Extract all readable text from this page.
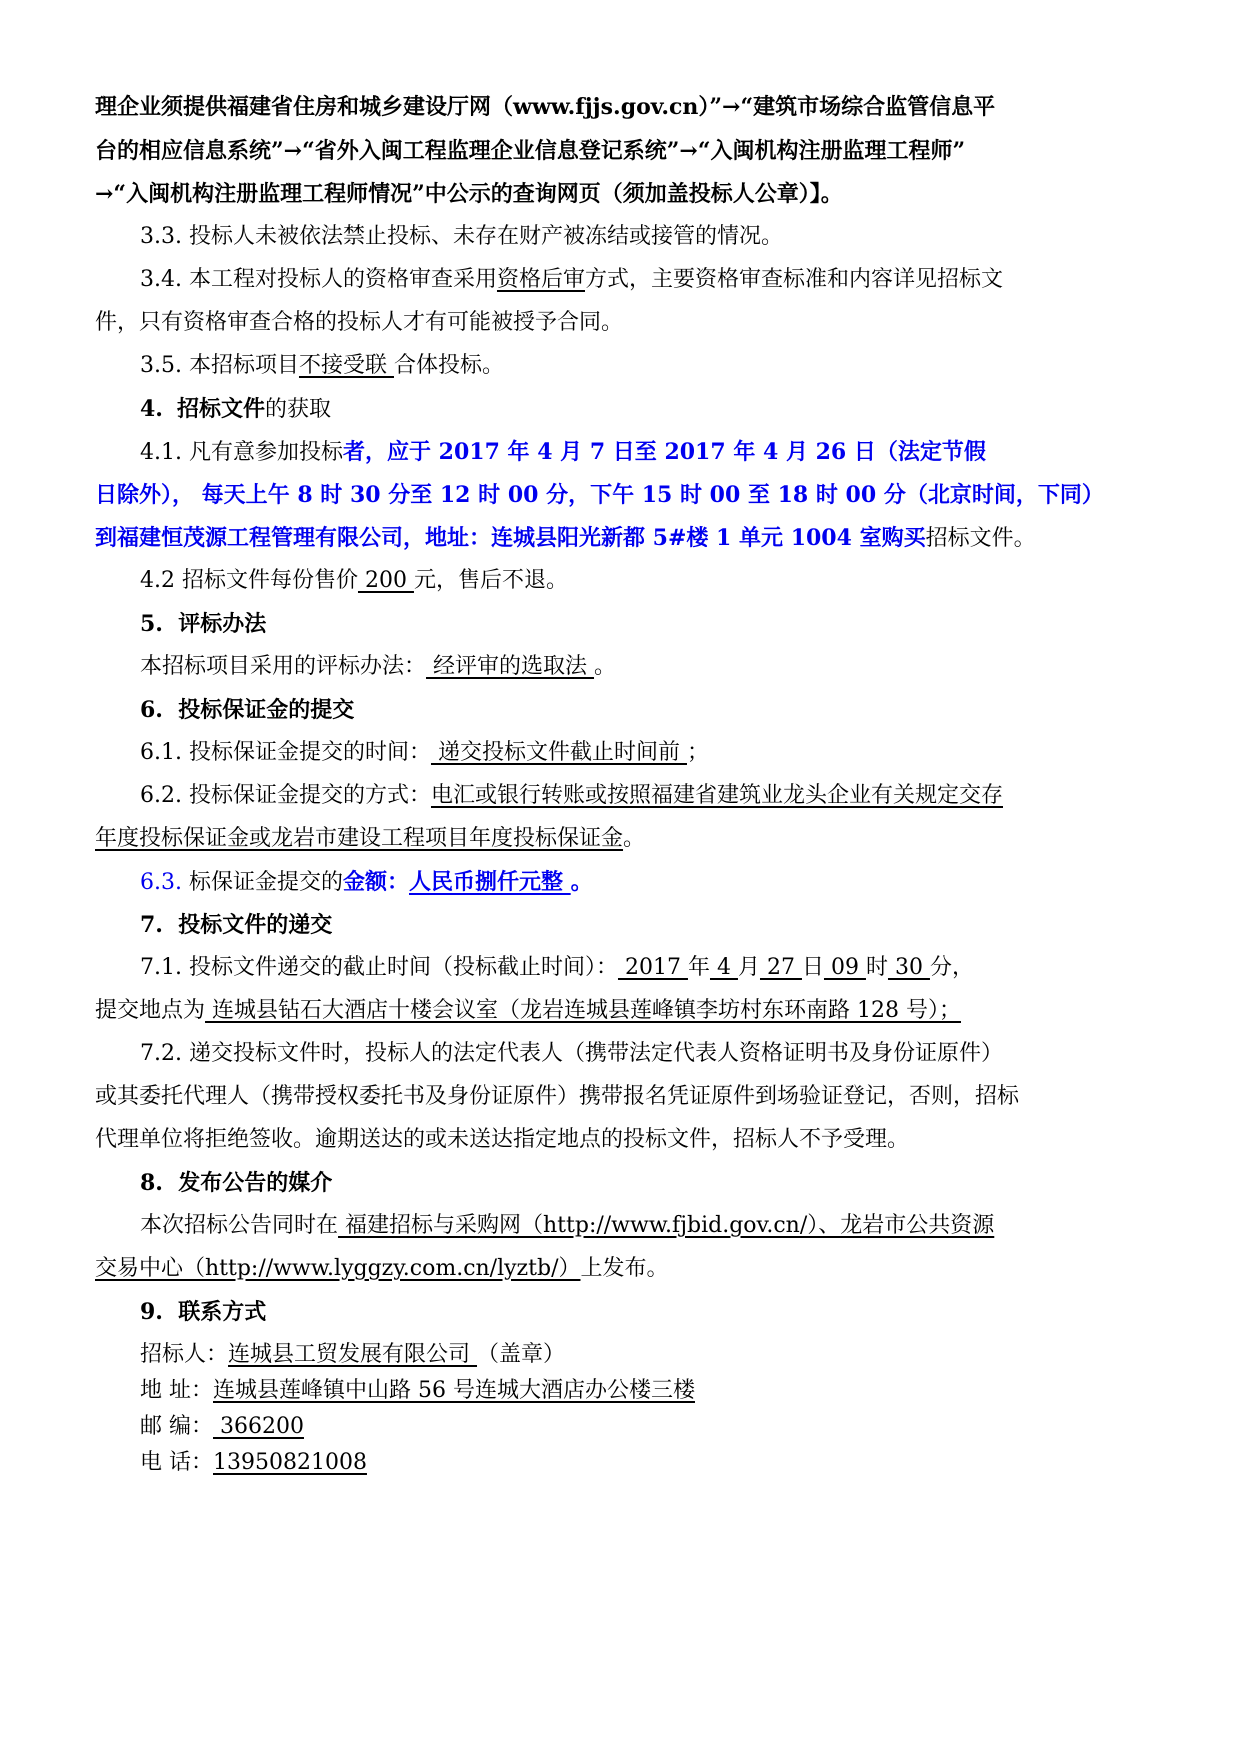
理企业须提供福建省住房和城乡建设厅网（www.fjjs.gov.cn）”→“建筑市场综合监管信息平
台的相应信息系统”→“省外入闽工程监理企业信息登记系统”→“入闽机构注册监理工程师”
→“入闽机构注册监理工程师情况”中公示的查询网页（须加盖投标人公章）】。
3.3. 投标人未被依法禁止投标、未存在财产被冻结或接管的情况。
3.4. 本工程对投标人的资格审查采用资格后审方式，主要资格审查标准和内容详见招标文
件，只有资格审查合格的投标人才有可能被授予合同。
3.5. 本招标项目不接受联 合体投标。
4. 招标文件的获取
4.1. 凡有意参加投标者，应于 2017 年 4 月 7 日至 2017 年 4 月 26 日（法定节假
日除外）， 每天上午 8 时 30 分至 12 时 00 分，下午 15 时 00 至 18 时 00 分（北京时间，下同）
到福建恒茂源工程管理有限公司，地址：连城县阳光新都 5#楼 1 单元 1004 室购买招标文件。
4.2 招标文件每份售价 200 元，售后不退。
5. 评标办法
本招标项目采用的评标办法： 经评审的选取法 。
6. 投标保证金的提交
6.1. 投标保证金提交的时间： 递交投标文件截止时间前 ；
6.2. 投标保证金提交的方式：电汇或银行转账或按照福建省建筑业龙头企业有关规定交存
年度投标保证金或龙岩市建设工程项目年度投标保证金。
6.3. 标保证金提交的金额：人民币捌仟元整 。
7. 投标文件的递交
7.1. 投标文件递交的截止时间（投标截止时间）： 2017 年 4 月 27 日 09 时 30 分，
提交地点为 连城县钻石大酒店十楼会议室（龙岩连城县莲峰镇李坊村东环南路 128 号）；
7.2. 递交投标文件时，投标人的法定代表人（携带法定代表人资格证明书及身份证原件）
或其委托代理人（携带授权委托书及身份证原件）携带报名凭证原件到场验证登记，否则，招标
代理单位将拒绝签收。逾期送达的或未送达指定地点的投标文件，招标人不予受理。
8. 发布公告的媒介
本次招标公告同时在 福建招标与采购网（http://www.fjbid.gov.cn/）、龙岩市公共资源
交易中心（http://www.lyggzy.com.cn/lyztb/）上发布。
9. 联系方式
招标人：连城县工贸发展有限公司 （盖章）
地 址：连城县莲峰镇中山路 56 号连城大酒店办公楼三楼
邮 编： 366200
电 话：13950821008
